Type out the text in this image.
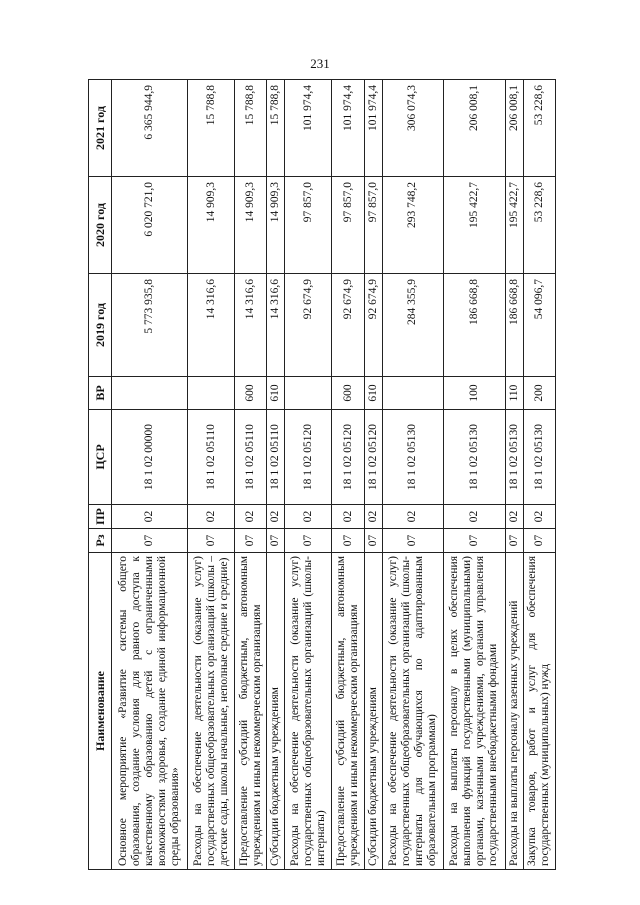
231
Наименование	Рз	ПР	ЦСР	ВР	2019 год	2020 год	2021 год
Основное мероприятие «Развитие системы общего образования, создание условия для равного доступа к качественному образованию детей с ограниченными возможностями здоровья, создание единой информационной среды образования»	07	02	18 1 02 00000		5 773 935,8	6 020 721,0	6 365 944,9
Расходы на обеспечение деятельности (оказание услуг) государственных общеобразовательных организаций (школы – детские сады, школы начальные, неполные средние и средние)	07	02	18 1 02 05110		14 316,6	14 909,3	15 788,8
Предоставление субсидий бюджетным, автономным учреждениям и иным некоммерческим организациям	07	02	18 1 02 05110	600	14 316,6	14 909,3	15 788,8
Субсидии бюджетным учреждениям	07	02	18 1 02 05110	610	14 316,6	14 909,3	15 788,8
Расходы на обеспечение деятельности (оказание услуг) государственных общеобразовательных организаций (школы-интернаты)	07	02	18 1 02 05120		92 674,9	97 857,0	101 974,4
Предоставление субсидий бюджетным, автономным учреждениям и иным некоммерческим организациям	07	02	18 1 02 05120	600	92 674,9	97 857,0	101 974,4
Субсидии бюджетным учреждениям	07	02	18 1 02 05120	610	92 674,9	97 857,0	101 974,4
Расходы на обеспечение деятельности (оказание услуг) государственных общеобразовательных организаций (школы-интернаты для обучающихся по адаптированным образовательным программам)	07	02	18 1 02 05130		284 355,9	293 748,2	306 074,3
Расходы на выплаты персоналу в целях обеспечения выполнения функций государственными (муниципальными) органами, казенными учреждениями, органами управления государственными внебюджетными фондами	07	02	18 1 02 05130	100	186 668,8	195 422,7	206 008,1
Расходы на выплаты персоналу казенных учреждений	07	02	18 1 02 05130	110	186 668,8	195 422,7	206 008,1
Закупка товаров, работ и услуг для обеспечения государственных (муниципальных) нужд	07	02	18 1 02 05130	200	54 096,7	53 228,6	53 228,6
